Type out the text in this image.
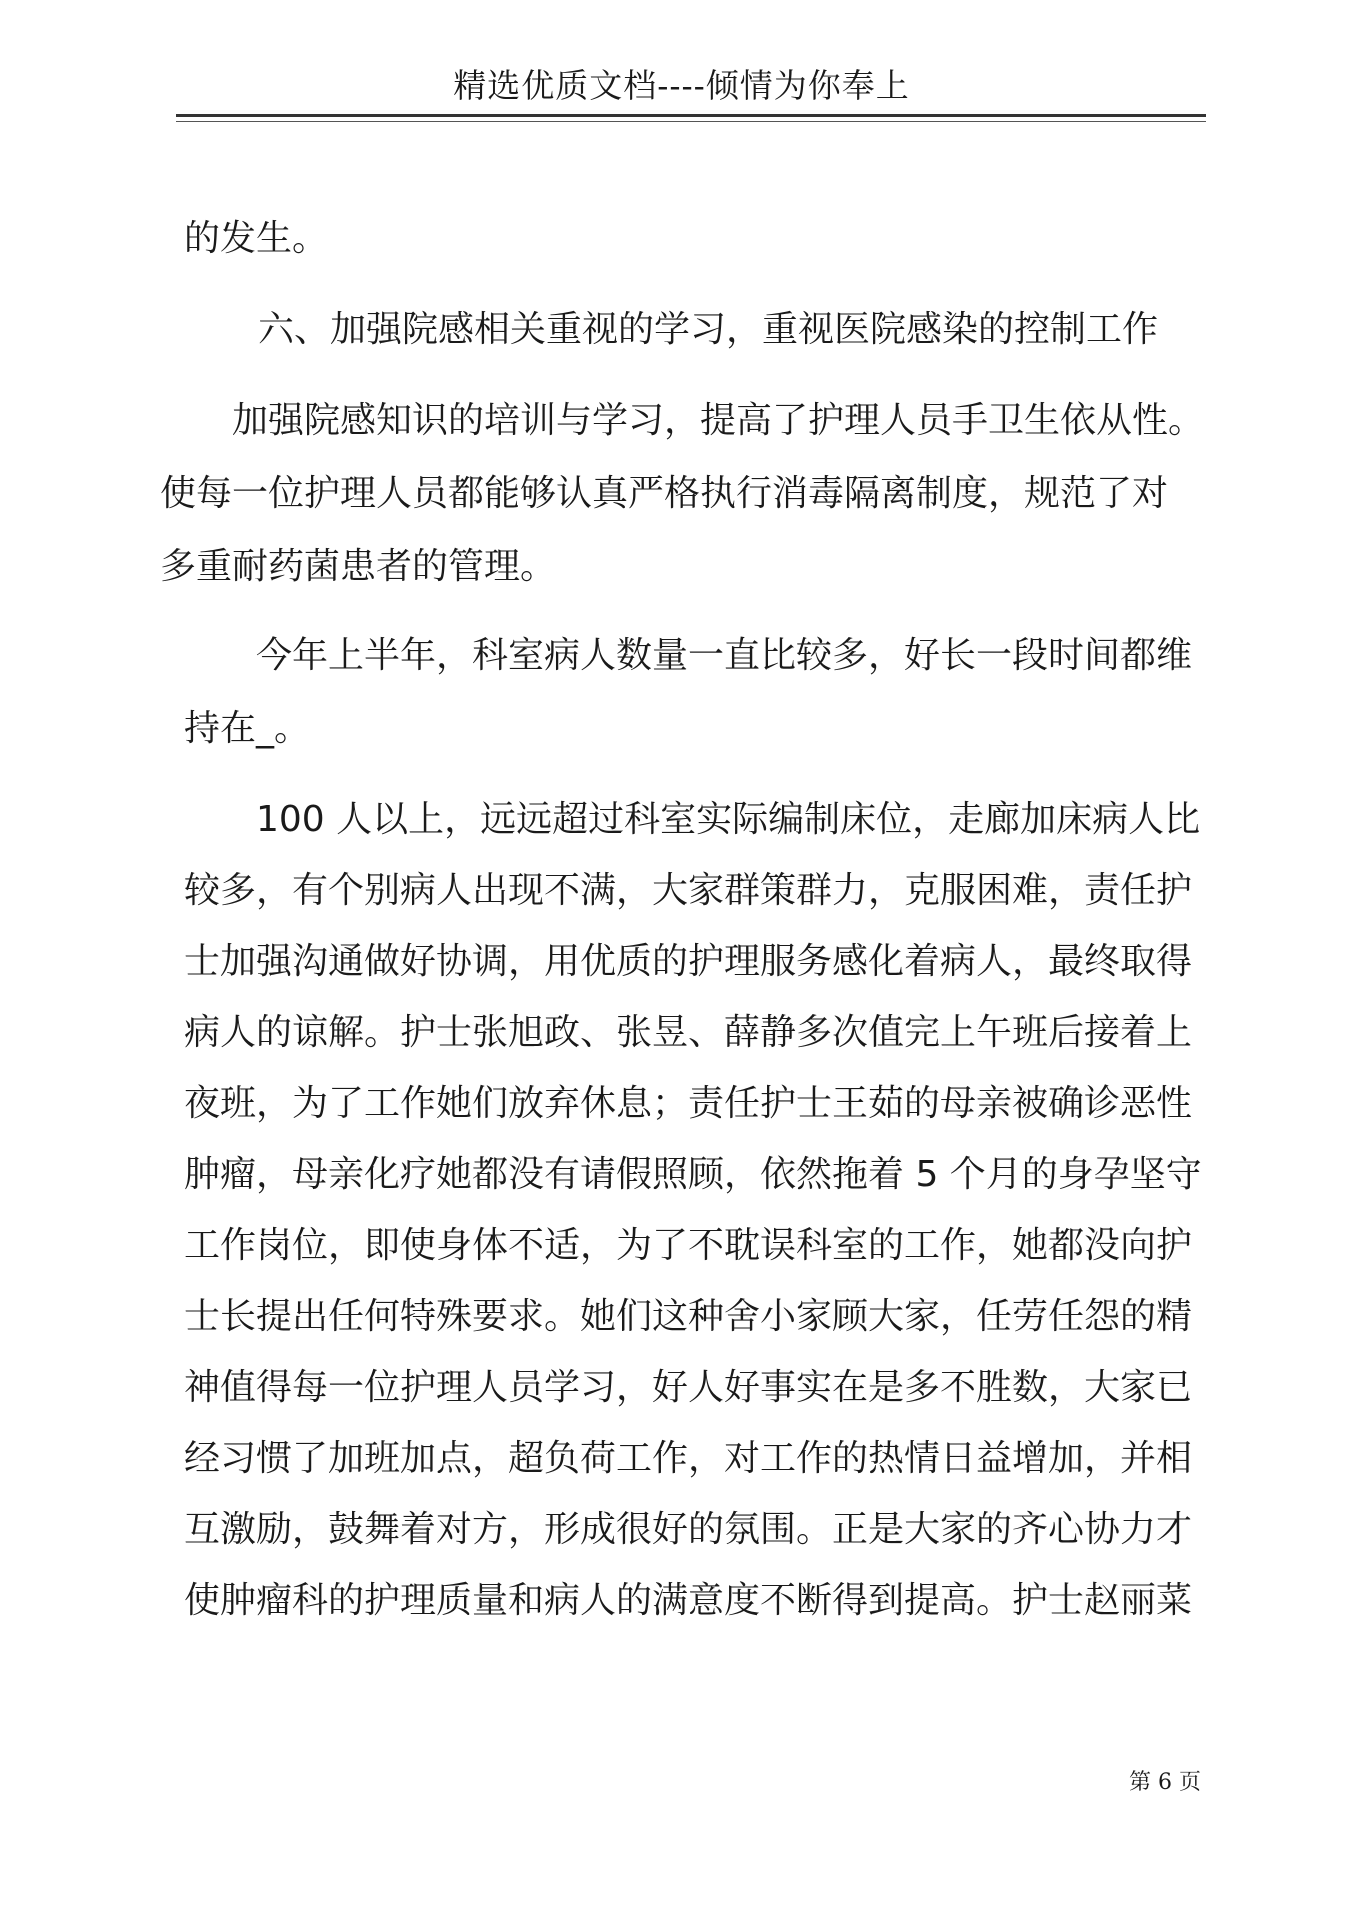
精选优质文档----倾情为你奉上
的发生。
六、加强院感相关重视的学习，重视医院感染的控制工作
加强院感知识的培训与学习，提高了护理人员手卫生依从性。
使每一位护理人员都能够认真严格执行消毒隔离制度，规范了对
多重耐药菌患者的管理。
今年上半年，科室病人数量一直比较多，好长一段时间都维
持在_。
100 人以上，远远超过科室实际编制床位，走廊加床病人比
较多，有个别病人出现不满，大家群策群力，克服困难，责任护
士加强沟通做好协调，用优质的护理服务感化着病人，最终取得
病人的谅解。护士张旭政、张昱、薛静多次值完上午班后接着上
夜班，为了工作她们放弃休息；责任护士王茹的母亲被确诊恶性
肿瘤，母亲化疗她都没有请假照顾，依然拖着 5 个月的身孕坚守
工作岗位，即使身体不适，为了不耽误科室的工作，她都没向护
士长提出任何特殊要求。她们这种舍小家顾大家，任劳任怨的精
神值得每一位护理人员学习，好人好事实在是多不胜数，大家已
经习惯了加班加点，超负荷工作，对工作的热情日益增加，并相
互激励，鼓舞着对方，形成很好的氛围。正是大家的齐心协力才
使肿瘤科的护理质量和病人的满意度不断得到提高。护士赵丽菜
第 6 页
